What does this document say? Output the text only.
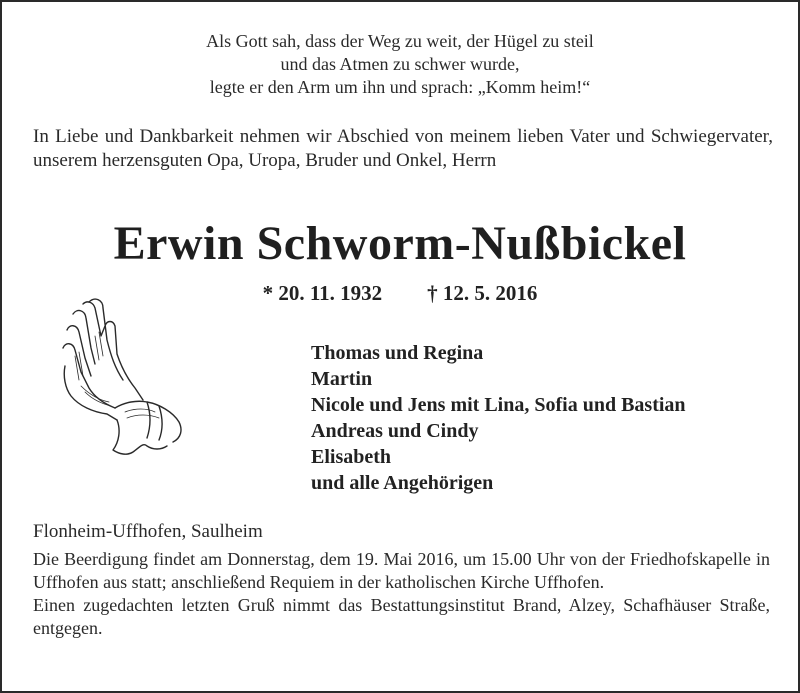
Als Gott sah, dass der Weg zu weit, der Hügel zu steil
und das Atmen zu schwer wurde,
legte er den Arm um ihn und sprach: „Komm heim!“
In Liebe und Dankbarkeit nehmen wir Abschied von meinem lieben Vater und Schwiegervater, unserem herzensguten Opa, Uropa, Bruder und Onkel, Herrn
Erwin Schworm-Nußbickel
* 20. 11. 1932 † 12. 5. 2016
Thomas und Regina
Martin
Nicole und Jens mit Lina, Sofia und Bastian
Andreas und Cindy
Elisabeth
und alle Angehörigen
Flonheim-Uffhofen, Saulheim

Die Beerdigung findet am Donnerstag, dem 19. Mai 2016, um 15.00 Uhr von der Friedhofskapelle in Uffhofen aus statt; anschließend Requiem in der katholischen Kirche Uffhofen.

Einen zugedachten letzten Gruß nimmt das Bestattungsinstitut Brand, Alzey, Schafhäuser Straße, entgegen.
